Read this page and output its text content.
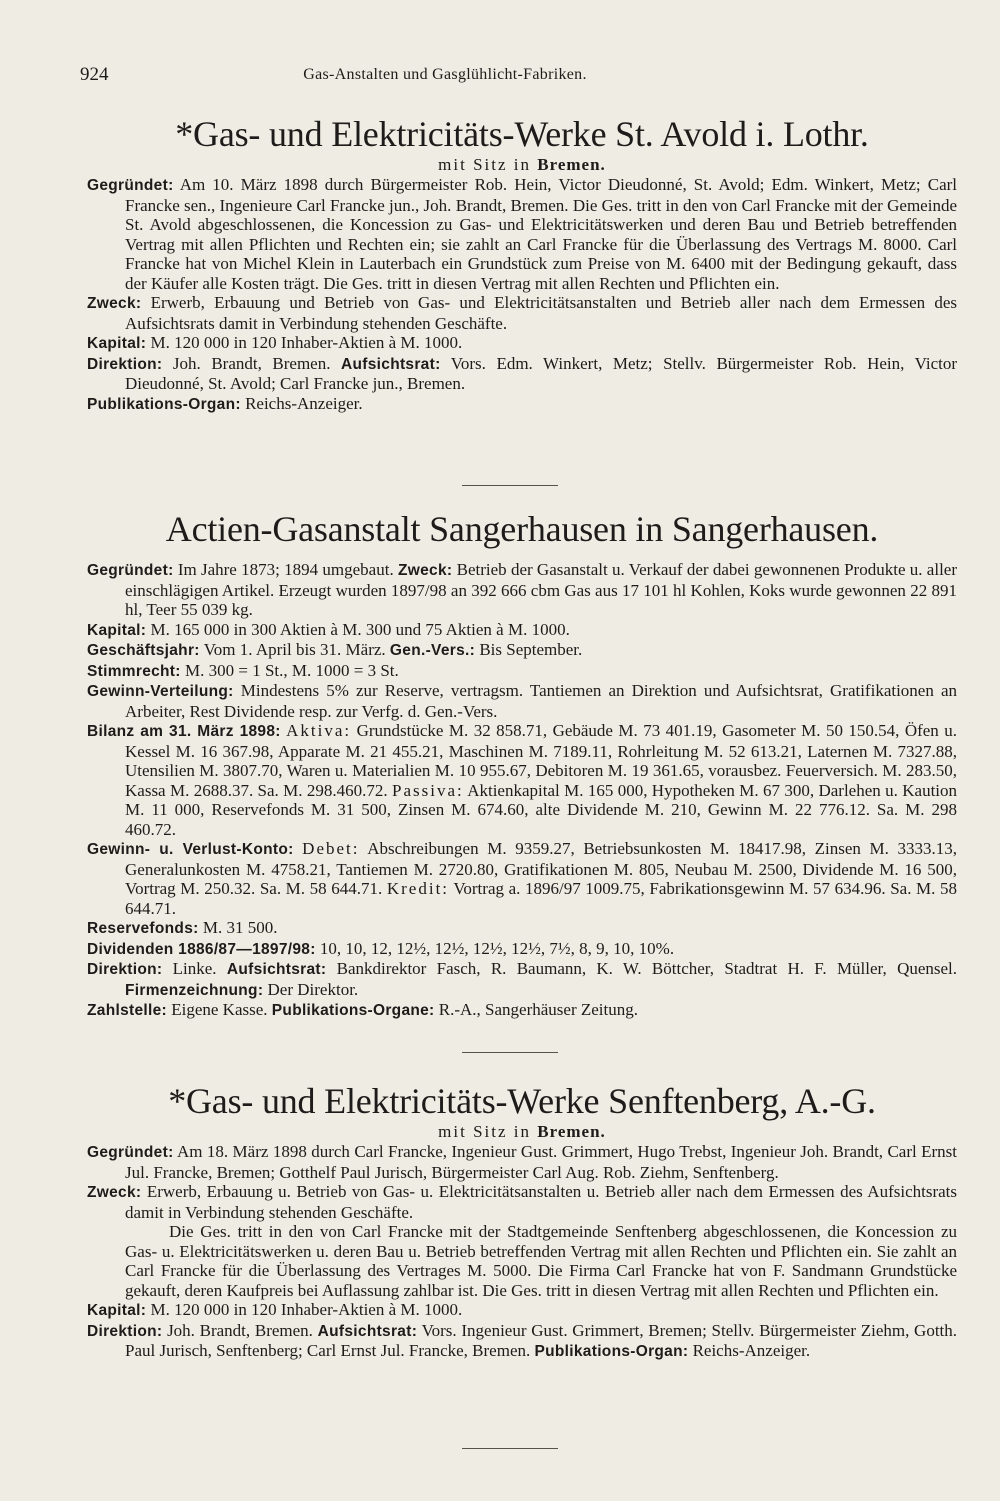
924	Gas-Anstalten und Gasglühlicht-Fabriken.
*Gas- und Elektricitäts-Werke St. Avold i. Lothr.
mit Sitz in Bremen.

Gegründet: Am 10. März 1898 durch Bürgermeister Rob. Hein, Victor Dieudonné, St. Avold; Edm. Winkert, Metz; Carl Francke sen., Ingenieure Carl Francke jun., Joh. Brandt, Bremen. Die Ges. tritt in den von Carl Francke mit der Gemeinde St. Avold abgeschlossenen, die Koncession zu Gas- und Elektricitätswerken und deren Bau und Betrieb betreffenden Vertrag mit allen Pflichten und Rechten ein; sie zahlt an Carl Francke für die Überlassung des Vertrags M. 8000. Carl Francke hat von Michel Klein in Lauterbach ein Grundstück zum Preise von M. 6400 mit der Bedingung gekauft, dass der Käufer alle Kosten trägt. Die Ges. tritt in diesen Vertrag mit allen Rechten und Pflichten ein.

Zweck: Erwerb, Erbauung und Betrieb von Gas- und Elektricitätsanstalten und Betrieb aller nach dem Ermessen des Aufsichtsrats damit in Verbindung stehenden Geschäfte.

Kapital: M. 120 000 in 120 Inhaber-Aktien à M. 1000.

Direktion: Joh. Brandt, Bremen. Aufsichtsrat: Vors. Edm. Winkert, Metz; Stellv. Bürgermeister Rob. Hein, Victor Dieudonné, St. Avold; Carl Francke jun., Bremen.

Publikations-Organ: Reichs-Anzeiger.

Actien-Gasanstalt Sangerhausen in Sangerhausen.

Gegründet: Im Jahre 1873; 1894 umgebaut. Zweck: Betrieb der Gasanstalt u. Verkauf der dabei gewonnenen Produkte u. aller einschlägigen Artikel. Erzeugt wurden 1897/98 an 392 666 cbm Gas aus 17 101 hl Kohlen, Koks wurde gewonnen 22 891 hl, Teer 55 039 kg.

Kapital: M. 165 000 in 300 Aktien à M. 300 und 75 Aktien à M. 1000.

Geschäftsjahr: Vom 1. April bis 31. März. Gen.-Vers.: Bis September.

Stimmrecht: M. 300 = 1 St., M. 1000 = 3 St.

Gewinn-Verteilung: Mindestens 5% zur Reserve, vertragsm. Tantiemen an Direktion und Aufsichtsrat, Gratifikationen an Arbeiter, Rest Dividende resp. zur Verfg. d. Gen.-Vers.

Bilanz am 31. März 1898: Aktiva: Grundstücke M. 32 858.71, Gebäude M. 73 401.19, Gasometer M. 50 150.54, Öfen u. Kessel M. 16 367.98, Apparate M. 21 455.21, Maschinen M. 7189.11, Rohrleitung M. 52 613.21, Laternen M. 7327.88, Utensilien M. 3807.70, Waren u. Materialien M. 10 955.67, Debitoren M. 19 361.65, vorausbez. Feuerversich. M. 283.50, Kassa M. 2688.37. Sa. M. 298.460.72. Passiva: Aktienkapital M. 165 000, Hypotheken M. 67 300, Darlehen u. Kaution M. 11 000, Reservefonds M. 31 500, Zinsen M. 674.60, alte Dividende M. 210, Gewinn M. 22 776.12. Sa. M. 298 460.72.

Gewinn- u. Verlust-Konto: Debet: Abschreibungen M. 9359.27, Betriebsunkosten M. 18417.98, Zinsen M. 3333.13, Generalunkosten M. 4758.21, Tantiemen M. 2720.80, Gratifikationen M. 805, Neubau M. 2500, Dividende M. 16 500, Vortrag M. 250.32. Sa. M. 58 644.71. Kredit: Vortrag a. 1896/97 1009.75, Fabrikationsgewinn M. 57 634.96. Sa. M. 58 644.71.

Reservefonds: M. 31 500.

Dividenden 1886/87—1897/98: 10, 10, 12, 12½, 12½, 12½, 12½, 7½, 8, 9, 10, 10%.

Direktion: Linke. Aufsichtsrat: Bankdirektor Fasch, R. Baumann, K. W. Böttcher, Stadtrat H. F. Müller, Quensel. Firmenzeichnung: Der Direktor.

Zahlstelle: Eigene Kasse. Publikations-Organe: R.-A., Sangerhäuser Zeitung.

*Gas- und Elektricitäts-Werke Senftenberg, A.-G.
mit Sitz in Bremen.

Gegründet: Am 18. März 1898 durch Carl Francke, Ingenieur Gust. Grimmert, Hugo Trebst, Ingenieur Joh. Brandt, Carl Ernst Jul. Francke, Bremen; Gotthelf Paul Jurisch, Bürgermeister Carl Aug. Rob. Ziehm, Senftenberg.

Zweck: Erwerb, Erbauung u. Betrieb von Gas- u. Elektricitätsanstalten u. Betrieb aller nach dem Ermessen des Aufsichtsrats damit in Verbindung stehenden Geschäfte.

Die Ges. tritt in den von Carl Francke mit der Stadtgemeinde Senftenberg abgeschlossenen, die Koncession zu Gas- u. Elektricitätswerken u. deren Bau u. Betrieb betreffenden Vertrag mit allen Rechten und Pflichten ein. Sie zahlt an Carl Francke für die Überlassung des Vertrages M. 5000. Die Firma Carl Francke hat von F. Sandmann Grundstücke gekauft, deren Kaufpreis bei Auflassung zahlbar ist. Die Ges. tritt in diesen Vertrag mit allen Rechten und Pflichten ein.

Kapital: M. 120 000 in 120 Inhaber-Aktien à M. 1000.

Direktion: Joh. Brandt, Bremen. Aufsichtsrat: Vors. Ingenieur Gust. Grimmert, Bremen; Stellv. Bürgermeister Ziehm, Gotth. Paul Jurisch, Senftenberg; Carl Ernst Jul. Francke, Bremen. Publikations-Organ: Reichs-Anzeiger.
